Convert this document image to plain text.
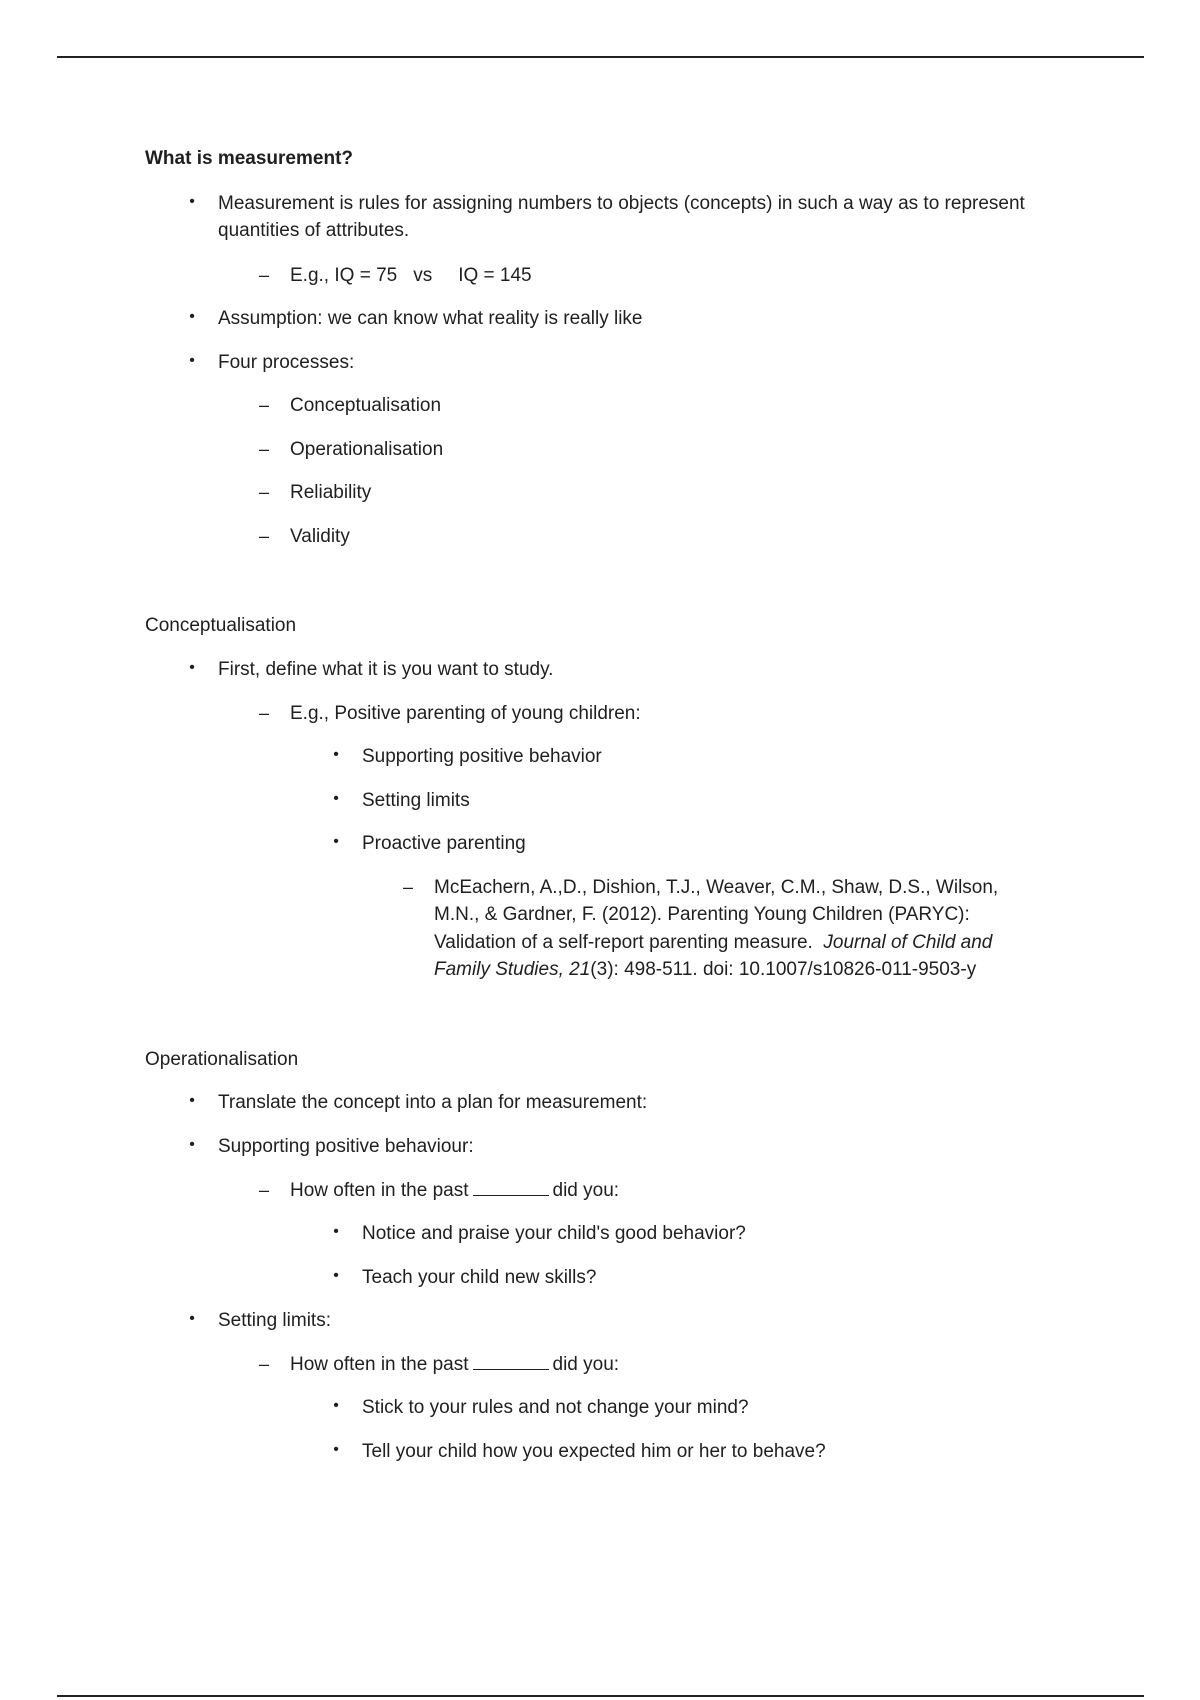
What is measurement?

•	Measurement is rules for assigning numbers to objects (concepts) in such a way as to represent quantities of attributes.
– E.g., IQ = 75 vs IQ = 145
•	Assumption: we can know what reality is really like
•	Four processes:
– Conceptualisation
– Operationalisation
– Reliability
– Validity

Conceptualisation

•	First, define what it is you want to study.
– E.g., Positive parenting of young children:
•	Supporting positive behavior
•	Setting limits
•	Proactive parenting
– McEachern, A.,D., Dishion, T.J., Weaver, C.M., Shaw, D.S., Wilson, M.N., & Gardner, F. (2012). Parenting Young Children (PARYC): Validation of a self-report parenting measure. Journal of Child and Family Studies, 21(3): 498-511. doi: 10.1007/s10826-011-9503-y

Operationalisation

•	Translate the concept into a plan for measurement:
•	Supporting positive behaviour:
– How often in the past	did you:
•	Notice and praise your child's good behavior?
•	Teach your child new skills?
•	Setting limits:
– How often in the past	did you:
•	Stick to your rules and not change your mind?
•	Tell your child how you expected him or her to behave?
